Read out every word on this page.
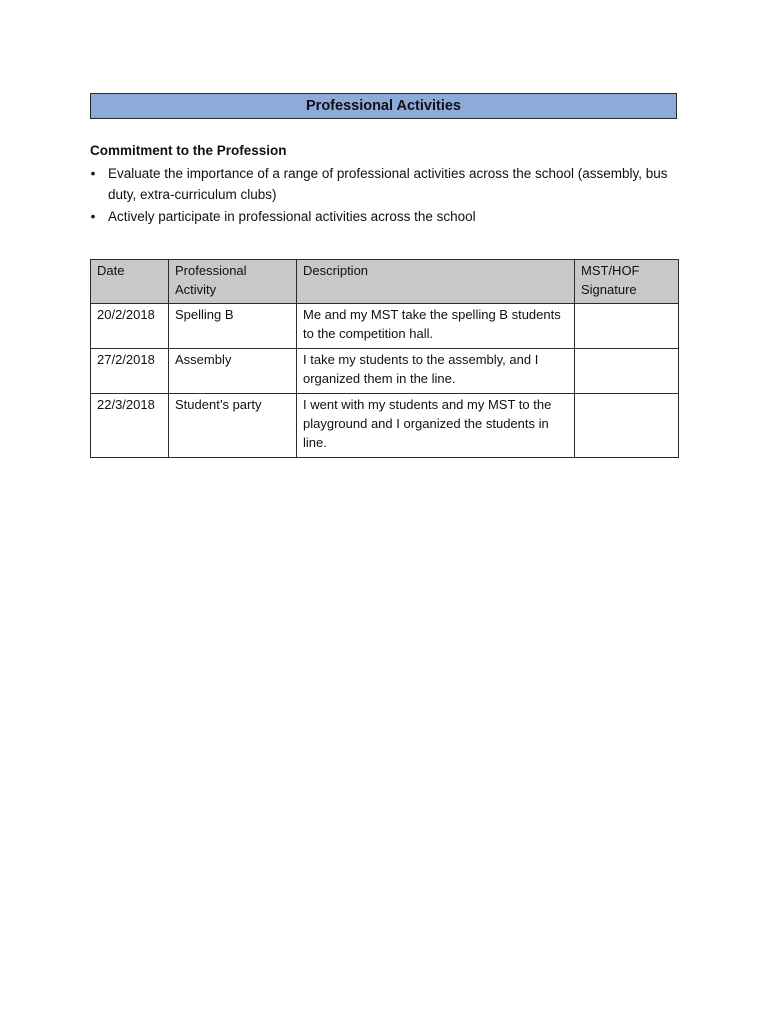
Professional Activities
Commitment to the Profession
• Evaluate the importance of a range of professional activities across the school (assembly, bus duty, extra-curriculum clubs)
• Actively participate in professional activities across the school
Date	Professional Activity	Description	MST/HOF Signature
20/2/2018	Spelling B	Me and my MST take the spelling B students to the competition hall.	
27/2/2018	Assembly	I take my students to the assembly, and I organized them in the line.	
22/3/2018	Student’s party	I went with my students and my MST to the playground and I organized the students in line.	
